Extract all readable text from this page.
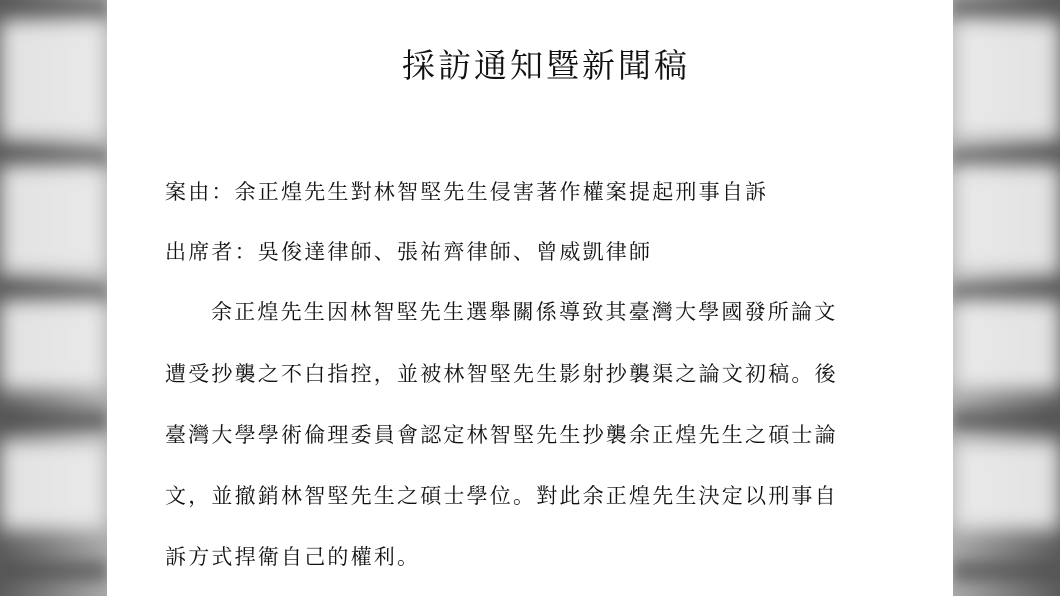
採訪通知暨新聞稿
案由：余正煌先生對林智堅先生侵害著作權案提起刑事自訴
出席者：吳俊達律師、張祐齊律師、曾威凱律師
余正煌先生因林智堅先生選舉關係導致其臺灣大學國發所論文
遭受抄襲之不白指控，並被林智堅先生影射抄襲渠之論文初稿。後
臺灣大學學術倫理委員會認定林智堅先生抄襲余正煌先生之碩士論
文，並撤銷林智堅先生之碩士學位。對此余正煌先生決定以刑事自
訴方式捍衛自己的權利。
